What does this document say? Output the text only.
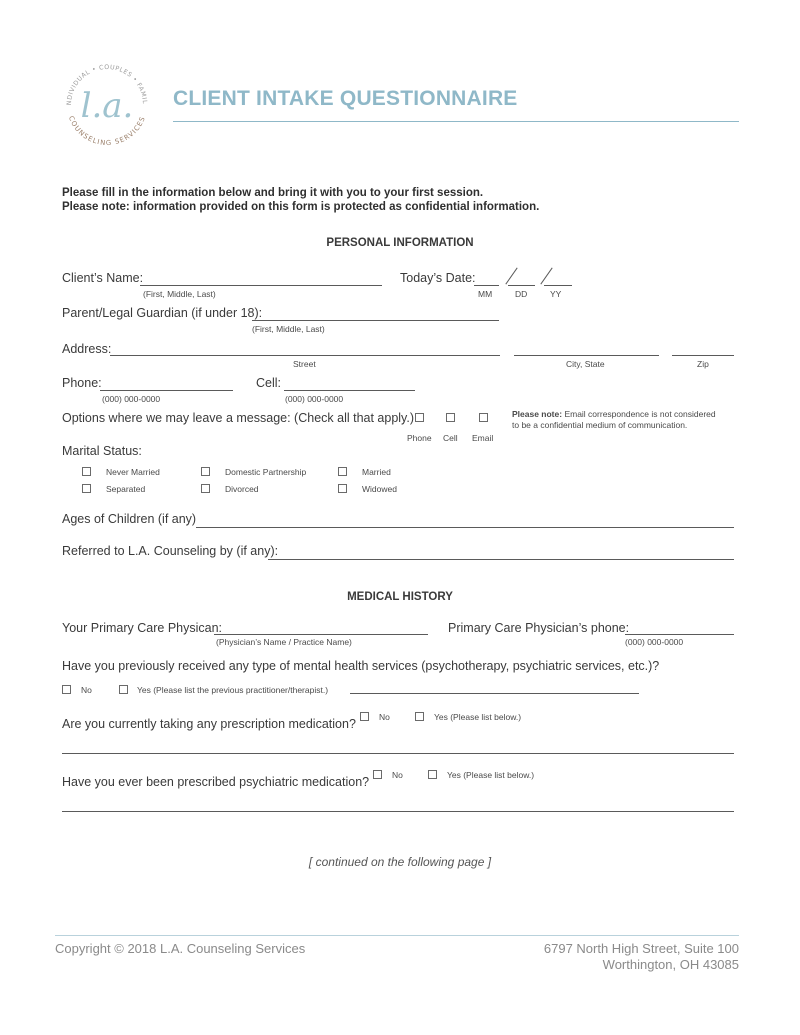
NDIVIDUAL • COUPLES • FAMIL
COUNSELING SERVICES
l.a. CLIENT INTAKE QUESTIONNAIRE
Please fill in the information below and bring it with you to your first session.
Please note: information provided on this form is protected as confidential information.
PERSONAL INFORMATION
Client’s Name:
(First, Middle, Last)
Today’s Date:
MM	DD	YY
Parent/Legal Guardian (if under 18):
(First, Middle, Last)
Address:
Street	City, State	Zip
Phone:
(000) 000-0000
Cell:
(000) 000-0000
Options where we may leave a message: (Check all that apply.)
Phone Cell Email
Please note: Email correspondence is not considered
to be a confidential medium of communication.
Marital Status:
Never Married	Domestic Partnership	Married
Separated	Divorced	Widowed
Ages of Children (if any)
Referred to L.A. Counseling by (if any):
MEDICAL HISTORY
Your Primary Care Physican:
(Physician’s Name / Practice Name)
Primary Care Physician’s phone:
(000) 000-0000
Have you previously received any type of mental health services (psychotherapy, psychiatric services, etc.)?
No	Yes (Please list the previous practitioner/therapist.)
Are you currently taking any prescription medication?	No	Yes (Please list below.)
Have you ever been prescribed psychiatric medication?	No	Yes (Please list below.)
[ continued on the following page ]
Copyright © 2018 L.A. Counseling Services	6797 North High Street, Suite 100
Worthington, OH 43085
